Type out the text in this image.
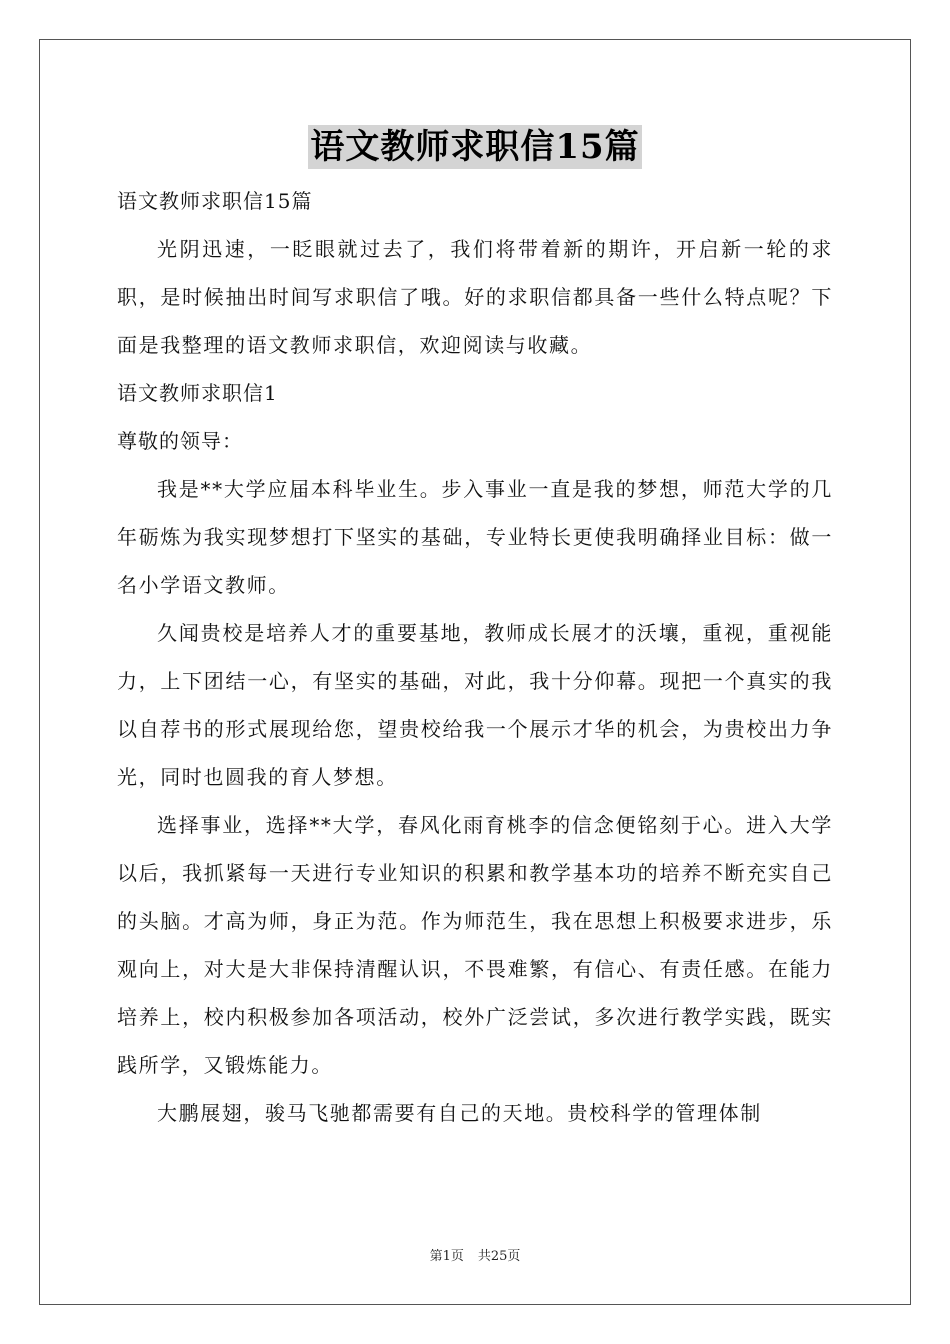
语文教师求职信15篇

语文教师求职信15篇

光阴迅速，一眨眼就过去了，我们将带着新的期许，开启新一轮的求职，是时候抽出时间写求职信了哦。好的求职信都具备一些什么特点呢？下面是我整理的语文教师求职信，欢迎阅读与收藏。

语文教师求职信1

尊敬的领导：

我是**大学应届本科毕业生。步入事业一直是我的梦想，师范大学的几年砺炼为我实现梦想打下坚实的基础，专业特长更使我明确择业目标：做一名小学语文教师。

久闻贵校是培养人才的重要基地，教师成长展才的沃壤，重视，重视能力，上下团结一心，有坚实的基础，对此，我十分仰幕。现把一个真实的我以自荐书的形式展现给您，望贵校给我一个展示才华的机会，为贵校出力争光，同时也圆我的育人梦想。

选择事业，选择**大学，春风化雨育桃李的信念便铭刻于心。进入大学以后，我抓紧每一天进行专业知识的积累和教学基本功的培养不断充实自己的头脑。才高为师，身正为范。作为师范生，我在思想上积极要求进步，乐观向上，对大是大非保持清醒认识，不畏难繁，有信心、有责任感。在能力培养上，校内积极参加各项活动，校外广泛尝试，多次进行教学实践，既实践所学，又锻炼能力。

大鹏展翅，骏马飞驰都需要有自己的天地。贵校科学的管理体制

第1页 共25页
